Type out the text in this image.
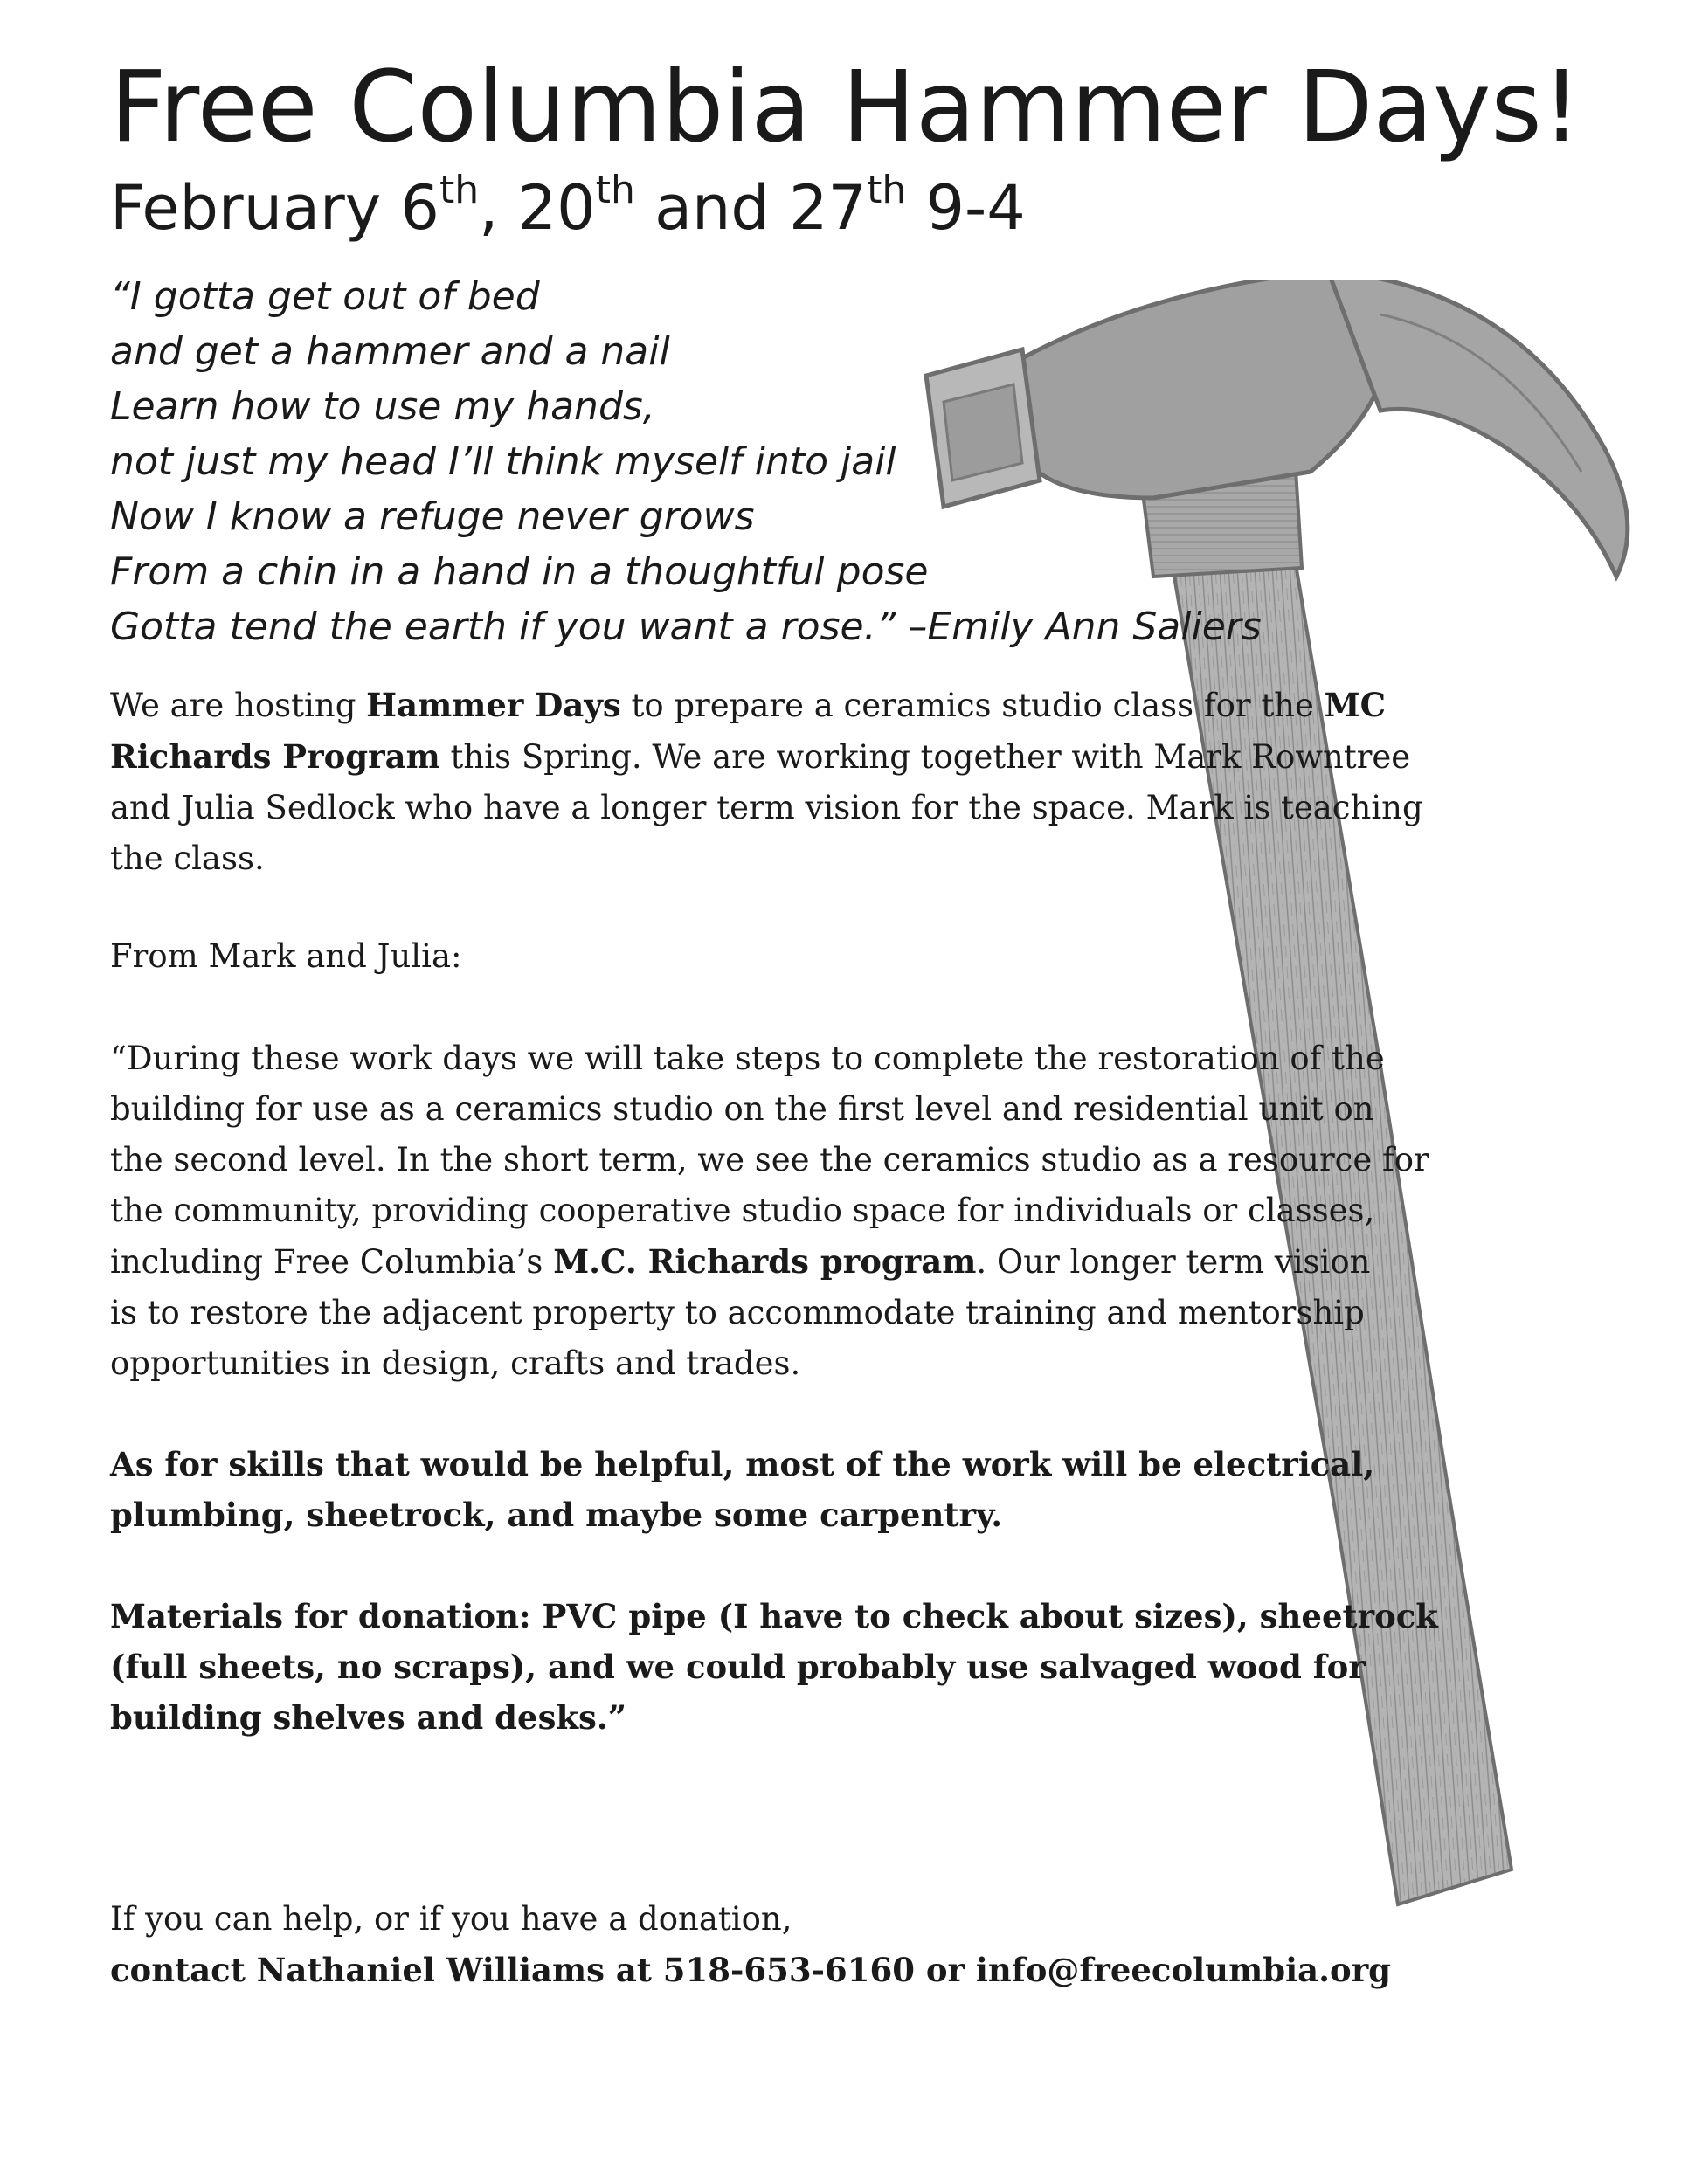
Free Columbia Hammer Days!
February 6th, 20th and 27th 9-4
“I gotta get out of bed
and get a hammer and a nail
Learn how to use my hands,
not just my head I’ll think myself into jail
Now I know a refuge never grows
From a chin in a hand in a thoughtful pose
Gotta tend the earth if you want a rose.” –Emily Ann Saliers
We are hosting Hammer Days to prepare a ceramics studio class for the MC
Richards Program this Spring. We are working together with Mark Rowntree
and Julia Sedlock who have a longer term vision for the space. Mark is teaching
the class.
From Mark and Julia:
“During these work days we will take steps to complete the restoration of the
building for use as a ceramics studio on the first level and residential unit on
the second level. In the short term, we see the ceramics studio as a resource for
the community, providing cooperative studio space for individuals or classes,
including Free Columbia’s M.C. Richards program. Our longer term vision
is to restore the adjacent property to accommodate training and mentorship
opportunities in design, crafts and trades.
As for skills that would be helpful, most of the work will be electrical,
plumbing, sheetrock, and maybe some carpentry.
Materials for donation: PVC pipe (I have to check about sizes), sheetrock
(full sheets, no scraps), and we could probably use salvaged wood for
building shelves and desks.”
If you can help, or if you have a donation,
contact Nathaniel Williams at 518-653-6160 or info@freecolumbia.org
